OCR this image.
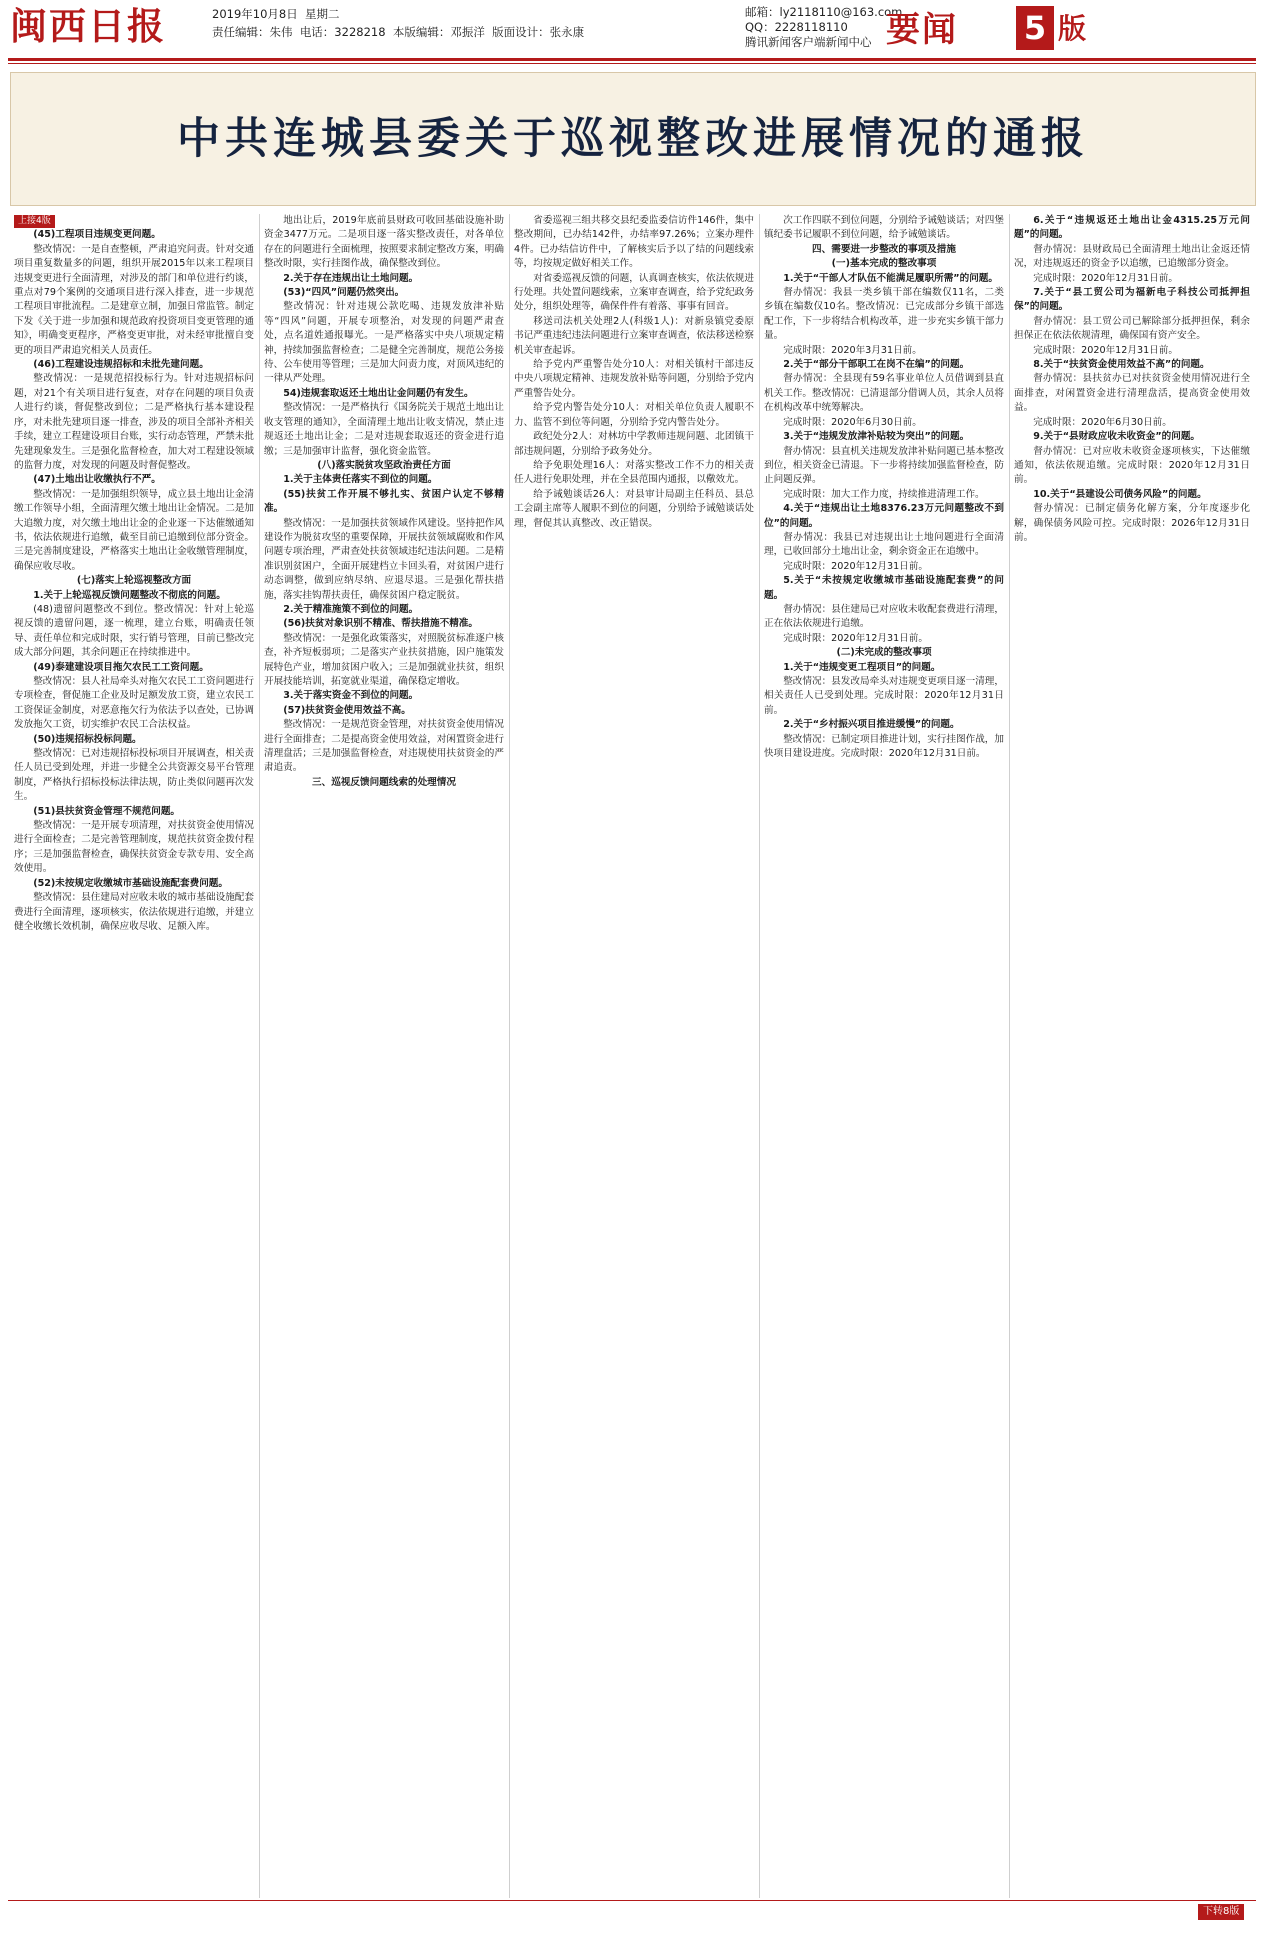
闽西日报	2019年10月8日 星期二
责任编辑：朱伟 电话：3228218 本版编辑：邓振洋 版面设计：张永康
邮箱：ly2118110@163.com
QQ：2228118110
腾讯新闻客户端新闻中心 要闻 5 版
中共连城县委关于巡视整改进展情况的通报
上接4版

(45)工程项目违规变更问题。

整改情况：一是自查整顿，严肃追究问责。针对交通项目重复数量多的问题，组织开展2015年以来工程项目违规变更进行全面清理，对涉及的部门和单位进行约谈，重点对79个案例的交通项目进行深入排查，进一步规范工程项目审批流程。二是建章立制，加强日常监管。制定下发《关于进一步加强和规范政府投资项目变更管理的通知》，明确变更程序，严格变更审批，对未经审批擅自变更的项目严肃追究相关人员责任。

(46)工程建设违规招标和未批先建问题。

整改情况：一是规范招投标行为。针对违规招标问题，对21个有关项目进行复查，对存在问题的项目负责人进行约谈，督促整改到位；二是严格执行基本建设程序，对未批先建项目逐一排查，涉及的项目全部补齐相关手续，建立工程建设项目台账，实行动态管理，严禁未批先建现象发生。三是强化监督检查，加大对工程建设领域的监督力度，对发现的问题及时督促整改。

(47)土地出让收缴执行不严。

整改情况：一是加强组织领导，成立县土地出让金清缴工作领导小组，全面清理欠缴土地出让金情况。二是加大追缴力度，对欠缴土地出让金的企业逐一下达催缴通知书，依法依规进行追缴，截至目前已追缴到位部分资金。三是完善制度建设，严格落实土地出让金收缴管理制度，确保应收尽收。

(七)落实上轮巡视整改方面

1.关于上轮巡视反馈问题整改不彻底的问题。

(48)遗留问题整改不到位。整改情况：针对上轮巡视反馈的遗留问题，逐一梳理，建立台账，明确责任领导、责任单位和完成时限，实行销号管理，目前已整改完成大部分问题，其余问题正在持续推进中。

(49)泰建建设项目拖欠农民工工资问题。

整改情况：县人社局牵头对拖欠农民工工资问题进行专项检查，督促施工企业及时足额发放工资，建立农民工工资保证金制度，对恶意拖欠行为依法予以查处，已协调发放拖欠工资，切实维护农民工合法权益。

(50)违规招标投标问题。

整改情况：已对违规招标投标项目开展调查，相关责任人员已受到处理，并进一步健全公共资源交易平台管理制度，严格执行招标投标法律法规，防止类似问题再次发生。

(51)县扶贫资金管理不规范问题。

整改情况：一是开展专项清理，对扶贫资金使用情况进行全面检查；二是完善管理制度，规范扶贫资金拨付程序；三是加强监督检查，确保扶贫资金专款专用、安全高效使用。

(52)未按规定收缴城市基础设施配套费问题。

整改情况：县住建局对应收未收的城市基础设施配套费进行全面清理，逐项核实，依法依规进行追缴，并建立健全收缴长效机制，确保应收尽收、足额入库。

地出让后，2019年底前县财政可收回基础设施补助资金3477万元。二是项目逐一落实整改责任，对各单位存在的问题进行全面梳理，按照要求制定整改方案，明确整改时限，实行挂图作战，确保整改到位。

2.关于存在违规出让土地问题。

(53)“四风”问题仍然突出。

整改情况：针对违规公款吃喝、违规发放津补贴等“四风”问题，开展专项整治，对发现的问题严肃查处，点名道姓通报曝光。一是严格落实中央八项规定精神，持续加强监督检查；二是健全完善制度，规范公务接待、公车使用等管理；三是加大问责力度，对顶风违纪的一律从严处理。

54)违规套取返还土地出让金问题仍有发生。

整改情况：一是严格执行《国务院关于规范土地出让收支管理的通知》，全面清理土地出让收支情况，禁止违规返还土地出让金；二是对违规套取返还的资金进行追缴；三是加强审计监督，强化资金监管。

(八)落实脱贫攻坚政治责任方面

1.关于主体责任落实不到位的问题。

(55)扶贫工作开展不够扎实、贫困户认定不够精准。

整改情况：一是加强扶贫领域作风建设。坚持把作风建设作为脱贫攻坚的重要保障，开展扶贫领域腐败和作风问题专项治理，严肃查处扶贫领域违纪违法问题。二是精准识别贫困户，全面开展建档立卡回头看，对贫困户进行动态调整，做到应纳尽纳、应退尽退。三是强化帮扶措施，落实挂钩帮扶责任，确保贫困户稳定脱贫。

2.关于精准施策不到位的问题。

(56)扶贫对象识别不精准、帮扶措施不精准。

整改情况：一是强化政策落实，对照脱贫标准逐户核查，补齐短板弱项；二是落实产业扶贫措施，因户施策发展特色产业，增加贫困户收入；三是加强就业扶贫，组织开展技能培训，拓宽就业渠道，确保稳定增收。

3.关于落实资金不到位的问题。

(57)扶贫资金使用效益不高。

整改情况：一是规范资金管理，对扶贫资金使用情况进行全面排查；二是提高资金使用效益，对闲置资金进行清理盘活；三是加强监督检查，对违规使用扶贫资金的严肃追责。

三、巡视反馈问题线索的处理情况

省委巡视三组共移交县纪委监委信访件146件，集中整改期间，已办结142件，办结率97.26%；立案办理件4件。已办结信访件中，了解核实后予以了结的问题线索等，均按规定做好相关工作。

对省委巡视反馈的问题，认真调查核实，依法依规进行处理。共处置问题线索，立案审查调查，给予党纪政务处分，组织处理等，确保件件有着落、事事有回音。

移送司法机关处理2人(科级1人)：对新泉镇党委原书记严重违纪违法问题进行立案审查调查，依法移送检察机关审查起诉。

给予党内严重警告处分10人：对相关镇村干部违反中央八项规定精神、违规发放补贴等问题，分别给予党内严重警告处分。

给予党内警告处分10人：对相关单位负责人履职不力、监管不到位等问题，分别给予党内警告处分。

政纪处分2人：对林坊中学教师违规问题、北团镇干部违规问题，分别给予政务处分。

给予免职处理16人：对落实整改工作不力的相关责任人进行免职处理，并在全县范围内通报，以儆效尤。

给予诫勉谈话26人：对县审计局副主任科员、县总工会副主席等人履职不到位的问题，分别给予诫勉谈话处理，督促其认真整改、改正错误。

次工作四联不到位问题，分别给予诫勉谈话；对四堡镇纪委书记履职不到位问题，给予诫勉谈话。

四、需要进一步整改的事项及措施

(一)基本完成的整改事项

1.关于“干部人才队伍不能满足履职所需”的问题。

督办情况：我县一类乡镇干部在编数仅11名，二类乡镇在编数仅10名。整改情况：已完成部分乡镇干部选配工作，下一步将结合机构改革，进一步充实乡镇干部力量。

完成时限：2020年3月31日前。

2.关于“部分干部职工在岗不在编”的问题。

督办情况：全县现有59名事业单位人员借调到县直机关工作。整改情况：已清退部分借调人员，其余人员将在机构改革中统筹解决。

完成时限：2020年6月30日前。

3.关于“违规发放津补贴较为突出”的问题。

督办情况：县直机关违规发放津补贴问题已基本整改到位，相关资金已清退。下一步将持续加强监督检查，防止问题反弹。

完成时限：加大工作力度，持续推进清理工作。

4.关于“违规出让土地8376.23万元问题整改不到位”的问题。

督办情况：我县已对违规出让土地问题进行全面清理，已收回部分土地出让金，剩余资金正在追缴中。

完成时限：2020年12月31日前。

5.关于“未按规定收缴城市基础设施配套费”的问题。

督办情况：县住建局已对应收未收配套费进行清理，正在依法依规进行追缴。

完成时限：2020年12月31日前。

(二)未完成的整改事项

1.关于“违规变更工程项目”的问题。

整改情况：县发改局牵头对违规变更项目逐一清理，相关责任人已受到处理。完成时限：2020年12月31日前。

2.关于“乡村振兴项目推进缓慢”的问题。

整改情况：已制定项目推进计划，实行挂图作战，加快项目建设进度。完成时限：2020年12月31日前。

6.关于“违规返还土地出让金4315.25万元问题”的问题。

督办情况：县财政局已全面清理土地出让金返还情况，对违规返还的资金予以追缴，已追缴部分资金。

完成时限：2020年12月31日前。

7.关于“县工贸公司为福新电子科技公司抵押担保”的问题。

督办情况：县工贸公司已解除部分抵押担保，剩余担保正在依法依规清理，确保国有资产安全。

完成时限：2020年12月31日前。

8.关于“扶贫资金使用效益不高”的问题。

督办情况：县扶贫办已对扶贫资金使用情况进行全面排查，对闲置资金进行清理盘活，提高资金使用效益。

完成时限：2020年6月30日前。

9.关于“县财政应收未收资金”的问题。

督办情况：已对应收未收资金逐项核实，下达催缴通知，依法依规追缴。完成时限：2020年12月31日前。

10.关于“县建设公司债务风险”的问题。

督办情况：已制定债务化解方案，分年度逐步化解，确保债务风险可控。完成时限：2026年12月31日前。

下转8版
